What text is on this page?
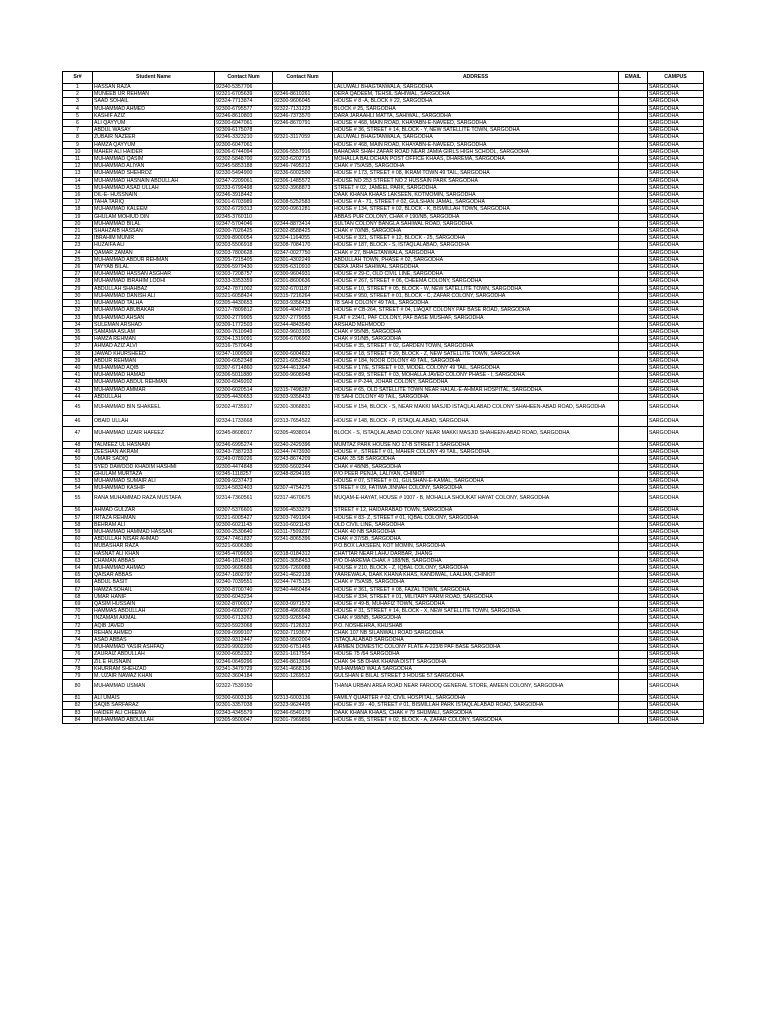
Sr#	Student Name	Contact Num	Contact Num	ADDRESS	EMAIL	CAMPUS
1	HASSAN RAZA	92340-5357706		LALUWALI BHAGTANWALA, SARGODHA		SARGODHA
2	MUNEEB UR REHMAN	92321-6705639	92346-8610261	DERA QADEEM, TEHSIL SAHIWAL, SARGODHA		SARGODHA
3	SAAD SOHAIL	92324-7713874	92300-9606045	HOUSE # 8 -A, BLOCK # 22, SARGODHA		SARGODHA
4	MUHAMMAD AHMED	92300-6795577	92322-7131223	BLOCK # 25, SARGODHA		SARGODHA
5	KASHIF AZIZ	92346-8610803	92346-7373570	DARA JARAAHLI MATTA, SAHIWAL, SARGODHA		SARGODHA
6	ALI QAYYUM	92300-6047061	92346-8670791	HOUSE # 468, MAIN ROAD, KHAYABN-E-NAVEED, SARGODHA		SARGODHA
7	ABDUL WASAY	92309-6175078		HOUSE # 36, STREET # 14, BLOCK - Y, NEW SATELLITE TOWN, SARGODHA		SARGODHA
8	ZUBAIR NAZEER	92346-3323210	92321-3117059	LALUWALI BHAGTANWALA, SARGODHA		SARGODHA
9	HAMZA QAYYUM	92300-6047061		HOUSE # 468, MAIN ROAD, KHAYABN-E-NAVEED, SARGODHA		SARGODHA
10	MAHER ALI HAIDER	92306-6744094	92306-5557916	BAHADAR SHAH ZAFAR ROAD NEAR JAMIA GIRLS HIGH SCHOOL, SARGODHA		SARGODHA
11	MUHAMMAD QASIM	92302-5848700	92303-6202715	MOHALLA BALOCHAN POST OFFICE KHAAS, DHAREMA, SARGODHA		SARGODHA
12	MUHAMMAD ALIYAN	92345-5853188	92346-7495212	CHAK # 75/ASB, SARGODHA		SARGODHA
13	MUHAMMAD SHEHROZ	92330-5494900	92336-6002500	HOUSE # 173, STREET # 08, IKRAM TOWN 49 TAIL, SARGODHA		SARGODHA
14	MUHAMMAD HASNAIN ABDULLAH	92347-2209061	92306-1485572	HOUSE NO 253 STREET NO 2 HUSSAIN PARK SARGODHA		SARGODHA
15	MUHAMMAD ASAD ULLAH	92333-6799498	92302-3968873	STREET # 02, JAMEEL PARK, SARGODHA		SARGODHA
16	DIL-E- HUSSNAIN	92346-3918442		DAAK KHANA KHAAS LAKSEEN, KOTMOMIN, SARGODHA		SARGODHA
17	TAHA TARIQ	92301-6703989	92308-5252583	HOUSE # A - 71, STREET # 02, GULSHAN JAMAL, SARGODHA		SARGODHA
18	MUHAMMAD KALEEM	92302-6729313	92300-0961281	HOUSE # 134, STREET # 02, BLOCK - K, BISMILLAH TOWN, SARGODHA		SARGODHA
19	GHULAM MOHIUD DIN	92345-3760110		ABBAS PUR COLONY, CHAK # 190/NB, SARGODHA		SARGODHA
20	MUHAMMAD BILAL	92347-5704046	92344-8873414	SULTAN COLONY BANGLA SAHIWAL ROAD, SARGODHA		SARGODHA
21	SHAHZAIB HASSAN	92300-7026425	92302-8588425	CHAK # 70/NB, SARGODHA		SARGODHA
22	IBRAHIM MUNIR	92309-8900054	92304-1164055	HOUSE # 321, STREET # 12, BLOCK - 25, SARGODHA		SARGODHA
23	HUZAIFA ALI	92303-5506918	92308-7084170	HOUSE # 187, BLOCK - S, ISTAQLALABAD, SARGODHA		SARGODHA
24	QAMAR ZAMAN	92303-7800628	92347-0027750	CHAK # 27, BHAGTANWALA, SARGODHA		SARGODHA
25	MUHAMMAD ABDUR REHMAN	92305-7215405	92301-4302249	ABDULLAH TOWN, PHASE # 02, SARGODHA		SARGODHA
26	TAYYAB BILAL	92306-5979430	92305-6310910	DERA JARH SAHIWAL SARGODHA		SARGODHA
27	MUHAMMAD HASSAN ASGHAR	92303-7208757	92300-9604931	HOUSE # 29-C, OLD CIVIL LINE, SARGODHA		SARGODHA
28	MUHAMMAD IBRAHIM LODHI	92333-3353359	92301-8600636	HOUSE # 267, STREET # 06, CHEEMA COLONY, SARGODHA		SARGODHA
29	ABDULLAH SHAHBAZ	92342-7871002	92302-6701187	HOUSE # 10, STREET # 05, BLOCK - W, NEW SATELLITE TOWN, SARGODHA		SARGODHA
30	MUHAMMAD DANISH ALI	92321-6058424	92315-7216264	HOUSE # 950, STREET # 01, BLOCK - C, ZAFAR COLONY, SARGODHA		SARGODHA
31	MUHAMMAD TALHA	92305-4430653	92303-9358433	78 SAHI COLONY 49 TAIL, SARGODHA		SARGODHA
32	MUHAMMAD ABUBAKAR	92317-7809812	92306-4040728	HOUSE # CB-264, STREET # 04, LIAQAT COLONY PAF BASE ROAD, SARGODHA		SARGODHA
33	MUHAMMAD AHSAN	92300-2779905	92307-2779955	FLAT # 234/1, PAF COLONY, PAF BASE MUSHAF, SARGODHA		SARGODHA
34	SULEMAN ARSHAD	92309-1772503	92344-4843540	ARSHAD MEHMOOD		SARGODHA
35	SAMAMA ASLAM	92300-7610949	92302-9603105	CHAK # 95/NB, SARGODHA		SARGODHA
36	HAMZA REHMAN	92304-1319091	92306-6706902	CHAK # 91/NB, SARGODHA		SARGODHA
37	AHMAD AZIZ ALVI	92316-7570648		HOUSE # 35, STREET # 02, GARDEN TOWN, SARGODHA		SARGODHA
38	JAWAD KHURSHEED	92347-1009509	92300-6004822	HOUSE # 18, STREET # 29, BLOCK - Z, NEW SATELLITE TOWN, SARGODHA		SARGODHA
39	ABDUR REHMAN	92300-6052348	92321-6052348	HOUSE # 184, NOOR COLONY 49 TAIL, SARGODHA		SARGODHA
40	MUHAMMAD AQIB	92307-6714860	92344-4613647	HOUSE # 17/E, STREET # 03, MODEL COLONY 49 TAIL, SARGODHA		SARGODHA
41	MUHAMMAD HAMAD	92306-5011880	92300-9608948	HOUSE # 89, STREET # 03, MOHALLA JAVED COLONY PHASE - I, SARGODHA		SARGODHA
42	MUHAMMAD ABDUL REHMAN	92300-6049202		HOUSE # P-244, JOHAR COLONY, SARGODHA		SARGODHA
43	MUHAMMAD AMMAR	92300-6020514	92315-7498287	HOUSE # 65, OLD SATELLITE TOWN NEAR HALAL-E-AHMAR HOSPITAL, SARGODHA		SARGODHA
44	ABDULLAH	92305-4430653	92303-9358433	78 SAHI COLONY 49 TAIL, SARGODHA		SARGODHA
45	MUHAMMAD BIN SHAKEEL	92302-4735917	92301-3068831	HOUSE # 154, BLOCK - S, NEAR MAKKI MASJID ISTAQLALABAD COLONY SHAHEEN-ABAD ROAD, SARGODHA		SARGODHA
46	OBAID ULLAH	92334-1733668	92313-7654522	HOUSE # 148, BLOCK - P, ISTAQLALABAD, SARGODHA		SARGODHA
47	MUHAMMAD UZAIR HAFEEZ	92345-8608017	92305-4938014	BLOCK - S, ISTAQLALABAD COLONY NEAR MAKKI MASJID SHAHEEN-ABAD ROAD, SARGODHA		SARGODHA
48	TALMEEZ UL HASNAIN	92346-6995274	92340-2429396	MUMTAZ PARK HOUSE NO 17-B STREET 1 SARGODHA		SARGODHA
49	ZEESHAN AKRAM	92343-7387233	92344-7473930	HOUSE # , STREET # 01, MAHER COLONY 49 TAIL, SARGODHA		SARGODHA
50	UMAIR SADIQ	92349-0789226	92343-8674209	CHAK 35 SB SARGODHA		SARGODHA
51	SYED DAWOOD KHADIM HASHMI	92300-4474848	92300-5602344	CHAK # 48/NB, SARGODHA		SARGODHA
52	GHULAM MURTAZA	92345-1118257	92348-8294165	P/O PEER PENJA, LALIYAN, CHINIOT		SARGODHA
53	MUHAMMAD SUMAIR ALI	92309-9237473		HOUSE # 07, STREET # 01, GULSHAN-E-KAMAL, SARGODHA		SARGODHA
54	MUHAMMAD KASHIF	92314-5832403	92307-4754275	STREET # 09, FATIMA JINNAH COLONY, SARGODHA		SARGODHA
55	RANA MUHAMMAD RAZA MUSTAFA	92314-7360561	92317-4670675	MUQAM-E-HAYAT, HOUSE # 1007 - B, MOHALLA SHOUKAT HAYAT COLONY, SARGODHA		SARGODHA
56	AHMAD GULZAR	92307-5376601	92306-4533279	STREET # 12, HAIDARABAD TOWN, SARGODHA		SARGODHA
57	IRTAZA REHMAN	92321-6005427	92303-7491904	HOUSE # 83- Z, STREET # 01, IQBAL COLONY, SARGODHA		SARGODHA
58	BEHRAM ALI	92300-6021143	92310-6021143	OLD CIVIL LINE, SARGODHA		SARGODHA
59	MUHAMMAD HAMMAD HASSAN	92300-2530640	92311-7509237	CHAK 40 NB SARGODHA		SARGODHA
60	ABDULLAH NISAR AHMAD	92347-7461837	92341-8065396	CHAK # 37/SB, SARGODHA		SARGODHA
61	MUBASHAR RAZA	92321-6006380		P.O.BOX LAKSEEN, KOT MOMIN, SARGODHA		SARGODHA
62	HASNAT ALI KHAN	92345-4709650	92318-0184312	CHATTAR NEAR LAHU DARBAR, JHANG		SARGODHA
63	CHAMAN ABBAS	92346-1814039	92301-3058453	P/O DHAREMA CHAK # 188/NB, SARGODHA		SARGODHA
64	MUHAMMAD AHMAD	92300-9605686	92306-7260088	HOUSE # 210, BLOCK - Z, IQBAL COLONY, SARGODHA		SARGODHA
65	QAISAR ABBAS	92347-1802797	92341-4622138	YAAREWALA, DAAK KHANA KHAS, KANDIWAL, LAALIAN, CHINIOT		SARGODHA
66	ABDUL BASIT	92340-7039551	92344-7475125	CHAK # 75/ASB, SARGODHA		SARGODHA
67	HAMZA SOHAIL	92300-8700740	92340-4460484	HOUSE # 361, STREET # 08, FAZAL TOWN, SARGODHA		SARGODHA
68	UMAR HANIF	92300-6043234		HOUSE # 334, STREET # 01, MILITARY FARM ROAD, SARGODHA		SARGODHA
69	QASIM HUSSAIN	92302-8700017	92303-0971572	HOUSE # 49-B, MUHAFIZ TOWN, SARGODHA		SARGODHA
70	HAMMAS ABDULLAH	92300-6002977	92308-4960688	HOUSE # 31, STREET # 14, BLOCK - X, NEW SATELLITE TOWN, SARGODHA		SARGODHA
71	INZAMAM AKMAL	92300-6713263	92303-9265942	CHAK # 98/NB, SARGODHA		SARGODHA
72	AQIB JAVED	92320-5923068	92301-7126312	P.O. NOSHEHRA, KHUSHAB		SARGODHA
73	REHAN AHMED	92309-0999107	92302-7193677	CHAK 107 NB SILANWALI ROAD SARGODHA		SARGODHA
74	ASAD ABBAS	92302-9312447	92303-9502004	ISTAQLALABAD SARGODHA		SARGODHA
75	MUHAMMAD YASIR ASHFAQ	92320-9902200	92300-6751465	AIRMEN DOMESTIC COLONY FLATE A-223/8 PAF BASE SARGODHA		SARGODHA
76	ZAURAIZ ABDULLAH	92300-6052322	92321-1617554	HOUSE 75 /64 SARGODHA		SARGODHA
77	ZIL E HUSNAIN	92346-0649296	92346-8613694	CHAK 94 SB DHAK KHANA DISTT SARGODHA		SARGODHA
78	KHURRAM SHEHZAD	92341-3479729	92341-4668136	MUHAMMAD WALA SARGODHA		SARGODHA
79	M. UZAIR NAWAZ KHAN	92302-3604184	92301-1269512	GULSHAN E BILAL STREET 3 HOUSE 57 SARGODHA		SARGODHA
80	MUHAMMAD USMAN	92322-7539150		THANA URBAN AREA ROAD NEAR FAROOQ GENERAL STORE, AMEEN COLONY, SARGODHA		SARGODHA
81	ALI UMAIS	92300-6003136	92313-6003136	FAMILY QUARTER # 02, CIVIL HOSPITAL, SARGODHA		SARGODHA
82	SAQIB SARFARAZ	92301-3357038	92323-9624495	HOUSE # 39 - 40, STREET # 01, BISMILLAH PARK ISTAQLALABAD ROAD, SARGODHA		SARGODHA
83	HAIDER ALI CHEEMA	92343-4345579	92346-6540179	DAAK KHANA KHAAS, CHAK # 79 SHUMALI, SARGODHA		SARGODHA
84	MUHAMMAD ABDULLAH	92305-9500047	92301-7969856	HOUSE # 85, STREET # 02, BLOCK - A, ZAFAR COLONY, SARGODHA		SARGODHA
